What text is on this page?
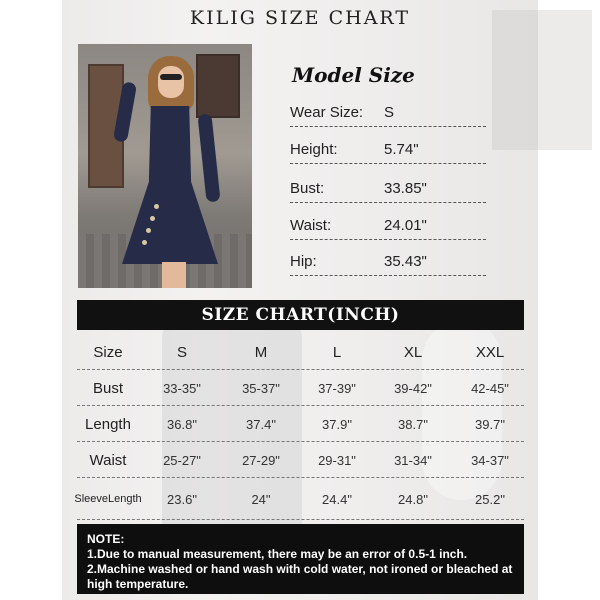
KILIG SIZE CHART
Model Size
Wear Size: S
Height:	5.74"
Bust:	33.85"
Waist:	24.01"
Hip:	35.43"
SIZE CHART(INCH)
Size	S	M	L	XL	XXL
Bust	33-35"	35-37"	37-39"	39-42"	42-45"
Length	36.8"	37.4"	37.9"	38.7"	39.7"
Waist	25-27"	27-29"	29-31"	31-34"	34-37"
Sleeve Length	23.6"	24"	24.4"	24.8"	25.2"
NOTE:
1.Due to manual measurement, there may be an error of 0.5-1 inch.
2.Machine washed or hand wash with cold water, not ironed or bleached at high temperature.
